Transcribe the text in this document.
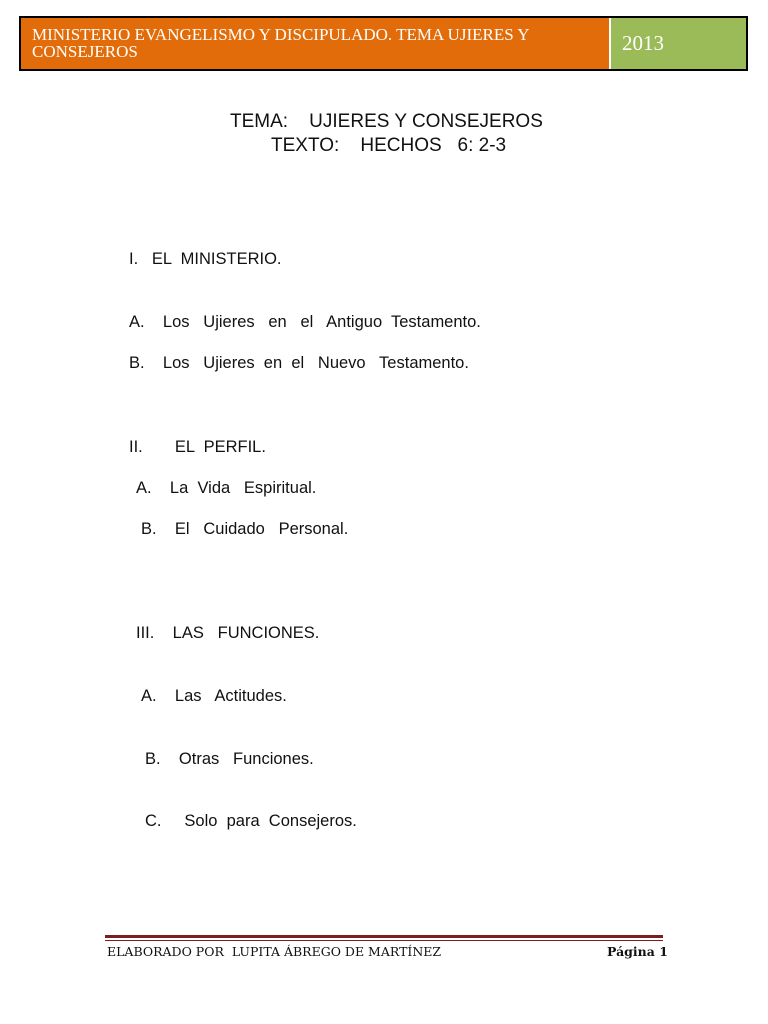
MINISTERIO EVANGELISMO Y DISCIPULADO. TEMA UJIERES Y CONSEJEROS	2013
TEMA:    UJIERES Y CONSEJEROS
TEXTO:    HECHOS   6: 2-3
I.   EL  MINISTERIO.
A.    Los   Ujieres   en   el   Antiguo  Testamento.
B.    Los   Ujieres  en  el   Nuevo   Testamento.
II.       EL  PERFIL.
A.    La  Vida   Espiritual.
B.    El   Cuidado   Personal.
III.    LAS   FUNCIONES.
A.    Las   Actitudes.
B.    Otras   Funciones.
C.     Solo  para  Consejeros.
ELABORADO POR  LUPITA ÁBREGO DE MARTÍNEZ	Página 1
